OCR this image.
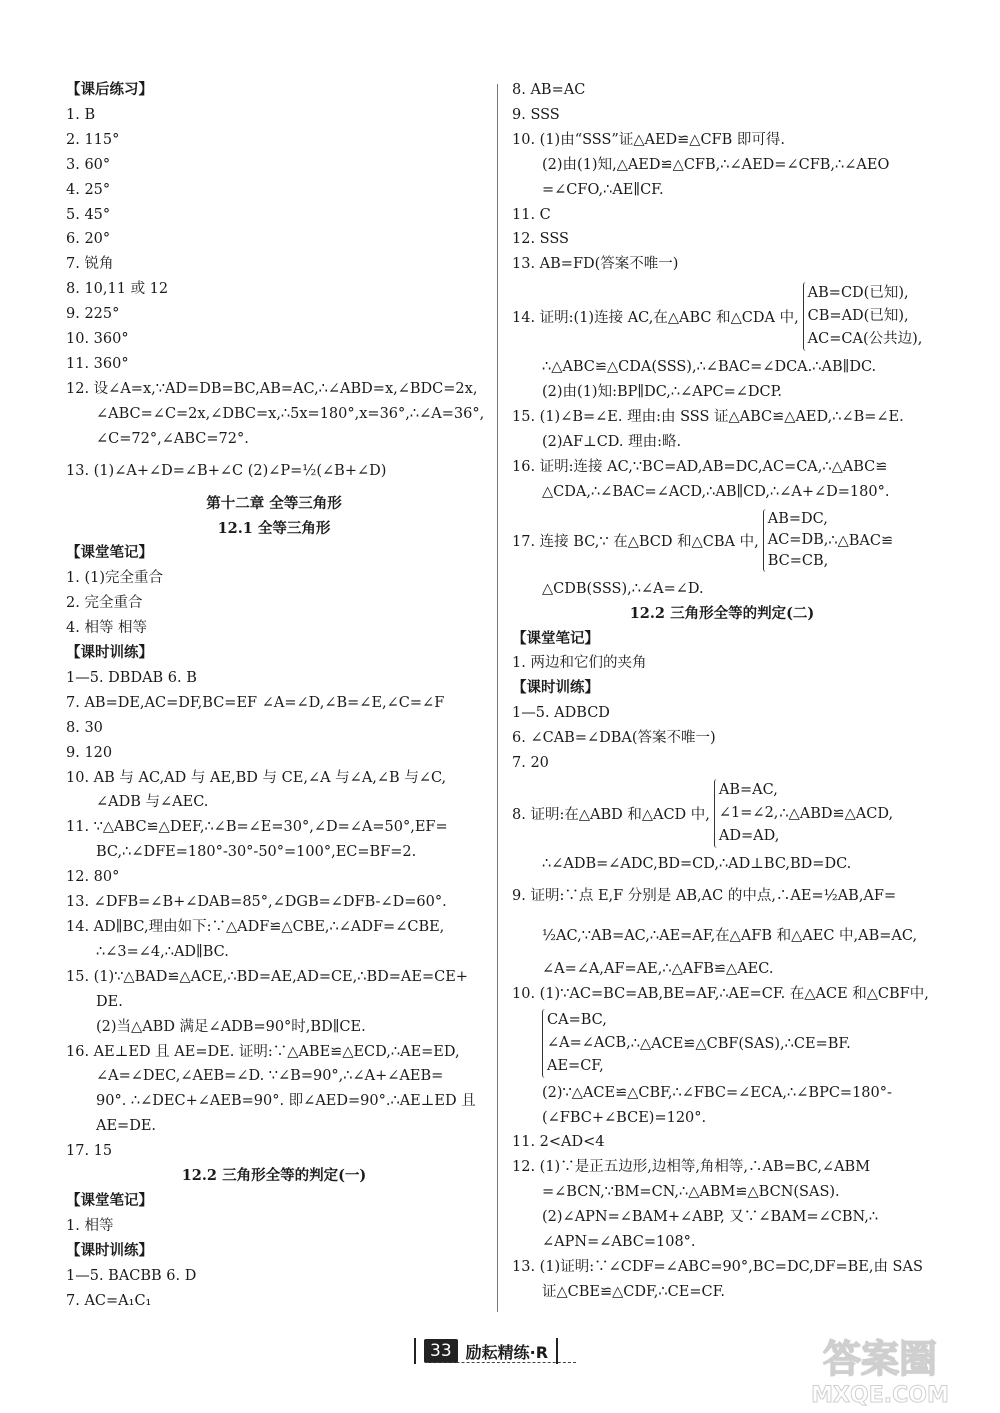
【课后练习】
1. B
2. 115°
3. 60°
4. 25°
5. 45°
6. 20°
7. 锐角
8. 10,11 或 12
9. 225°
10. 360°
11. 360°
12. 设∠A=x,∵AD=DB=BC,AB=AC,∴∠ABD=x,∠BDC=2x,
∠ABC=∠C=2x,∠DBC=x,∴5x=180°,x=36°,∴∠A=36°,
∠C=72°,∠ABC=72°.
13. (1)∠A+∠D=∠B+∠C (2)∠P=½(∠B+∠D)
第十二章 全等三角形
12.1 全等三角形
【课堂笔记】
1. (1)完全重合
2. 完全重合
4. 相等 相等
【课时训练】
1—5. DBDAB 6. B
7. AB=DE,AC=DF,BC=EF ∠A=∠D,∠B=∠E,∠C=∠F
8. 30
9. 120
10. AB 与 AC,AD 与 AE,BD 与 CE,∠A 与∠A,∠B 与∠C,
∠ADB 与∠AEC.
11. ∵△ABC≌△DEF,∴∠B=∠E=30°,∠D=∠A=50°,EF=
BC,∴∠DFE=180°-30°-50°=100°,EC=BF=2.
12. 80°
13. ∠DFB=∠B+∠DAB=85°,∠DGB=∠DFB-∠D=60°.
14. AD∥BC,理由如下:∵△ADF≌△CBE,∴∠ADF=∠CBE,
∴∠3=∠4,∴AD∥BC.
15. (1)∵△BAD≌△ACE,∴BD=AE,AD=CE,∴BD=AE=CE+
DE.
(2)当△ABD 满足∠ADB=90°时,BD∥CE.
16. AE⊥ED 且 AE=DE. 证明:∵△ABE≌△ECD,∴AE=ED,
∠A=∠DEC,∠AEB=∠D. ∵∠B=90°,∴∠A+∠AEB=
90°. ∴∠DEC+∠AEB=90°. 即∠AED=90°.∴AE⊥ED 且
AE=DE.
17. 15
12.2 三角形全等的判定(一)
【课堂笔记】
1. 相等
【课时训练】
1—5. BACBB 6. D
7. AC=A₁C₁
8. AB=AC
9. SSS
10. (1)由“SSS”证△AED≌△CFB 即可得.
(2)由(1)知,△AED≌△CFB,∴∠AED=∠CFB,∴∠AEO
=∠CFO,∴AE∥CF.
11. C
12. SSS
13. AB=FD(答案不唯一)
14. 证明:(1)连接 AC,在△ABC 和△CDA 中,
AB=CD(已知),
CB=AD(已知),
AC=CA(公共边),
∴△ABC≌△CDA(SSS),∴∠BAC=∠DCA.∴AB∥DC.
(2)由(1)知:BP∥DC,∴∠APC=∠DCP.
15. (1)∠B=∠E. 理由:由 SSS 证△ABC≌△AED,∴∠B=∠E.
(2)AF⊥CD. 理由:略.
16. 证明:连接 AC,∵BC=AD,AB=DC,AC=CA,∴△ABC≌
△CDA,∴∠BAC=∠ACD,∴AB∥CD,∴∠A+∠D=180°.
17. 连接 BC,∵ 在△BCD 和△CBA 中,
AB=DC,
AC=DB,
BC=CB,
∴△BAC≌
△CDB(SSS),∴∠A=∠D.
12.2 三角形全等的判定(二)
【课堂笔记】
1. 两边和它们的夹角
【课时训练】
1—5. ADBCD
6. ∠CAB=∠DBA(答案不唯一)
7. 20
8. 证明:在△ABD 和△ACD 中,
AB=AC,
∠1=∠2,
AD=AD,
∴△ABD≌△ACD,
∴∠ADB=∠ADC,BD=CD,∴AD⊥BC,BD=DC.
9. 证明:∵点 E,F 分别是 AB,AC 的中点,∴AE=½AB,AF=
½AC,∵AB=AC,∴AE=AF,在△AFB 和△AEC 中,AB=AC,
∠A=∠A,AF=AE,∴△AFB≌△AEC.
10. (1)∵AC=BC=AB,BE=AF,∴AE=CF. 在△ACE 和△CBF中,
CA=BC,
∠A=∠ACB,
AE=CF,
∴△ACE≌△CBF(SAS),∴CE=BF.
(2)∵△ACE≌△CBF,∴∠FBC=∠ECA,∴∠BPC=180°-
(∠FBC+∠BCE)=120°.
11. 2<AD<4
12. (1)∵是正五边形,边相等,角相等,∴AB=BC,∠ABM
=∠BCN,∵BM=CN,∴△ABM≌△BCN(SAS).
(2)∠APN=∠BAM+∠ABP, 又∵∠BAM=∠CBN,∴
∠APN=∠ABC=108°.
13. (1)证明:∵∠CDF=∠ABC=90°,BC=DC,DF=BE,由 SAS
证△CBE≌△CDF,∴CE=CF.
33 励耘精练·R	答案圈
MXQE.COM
